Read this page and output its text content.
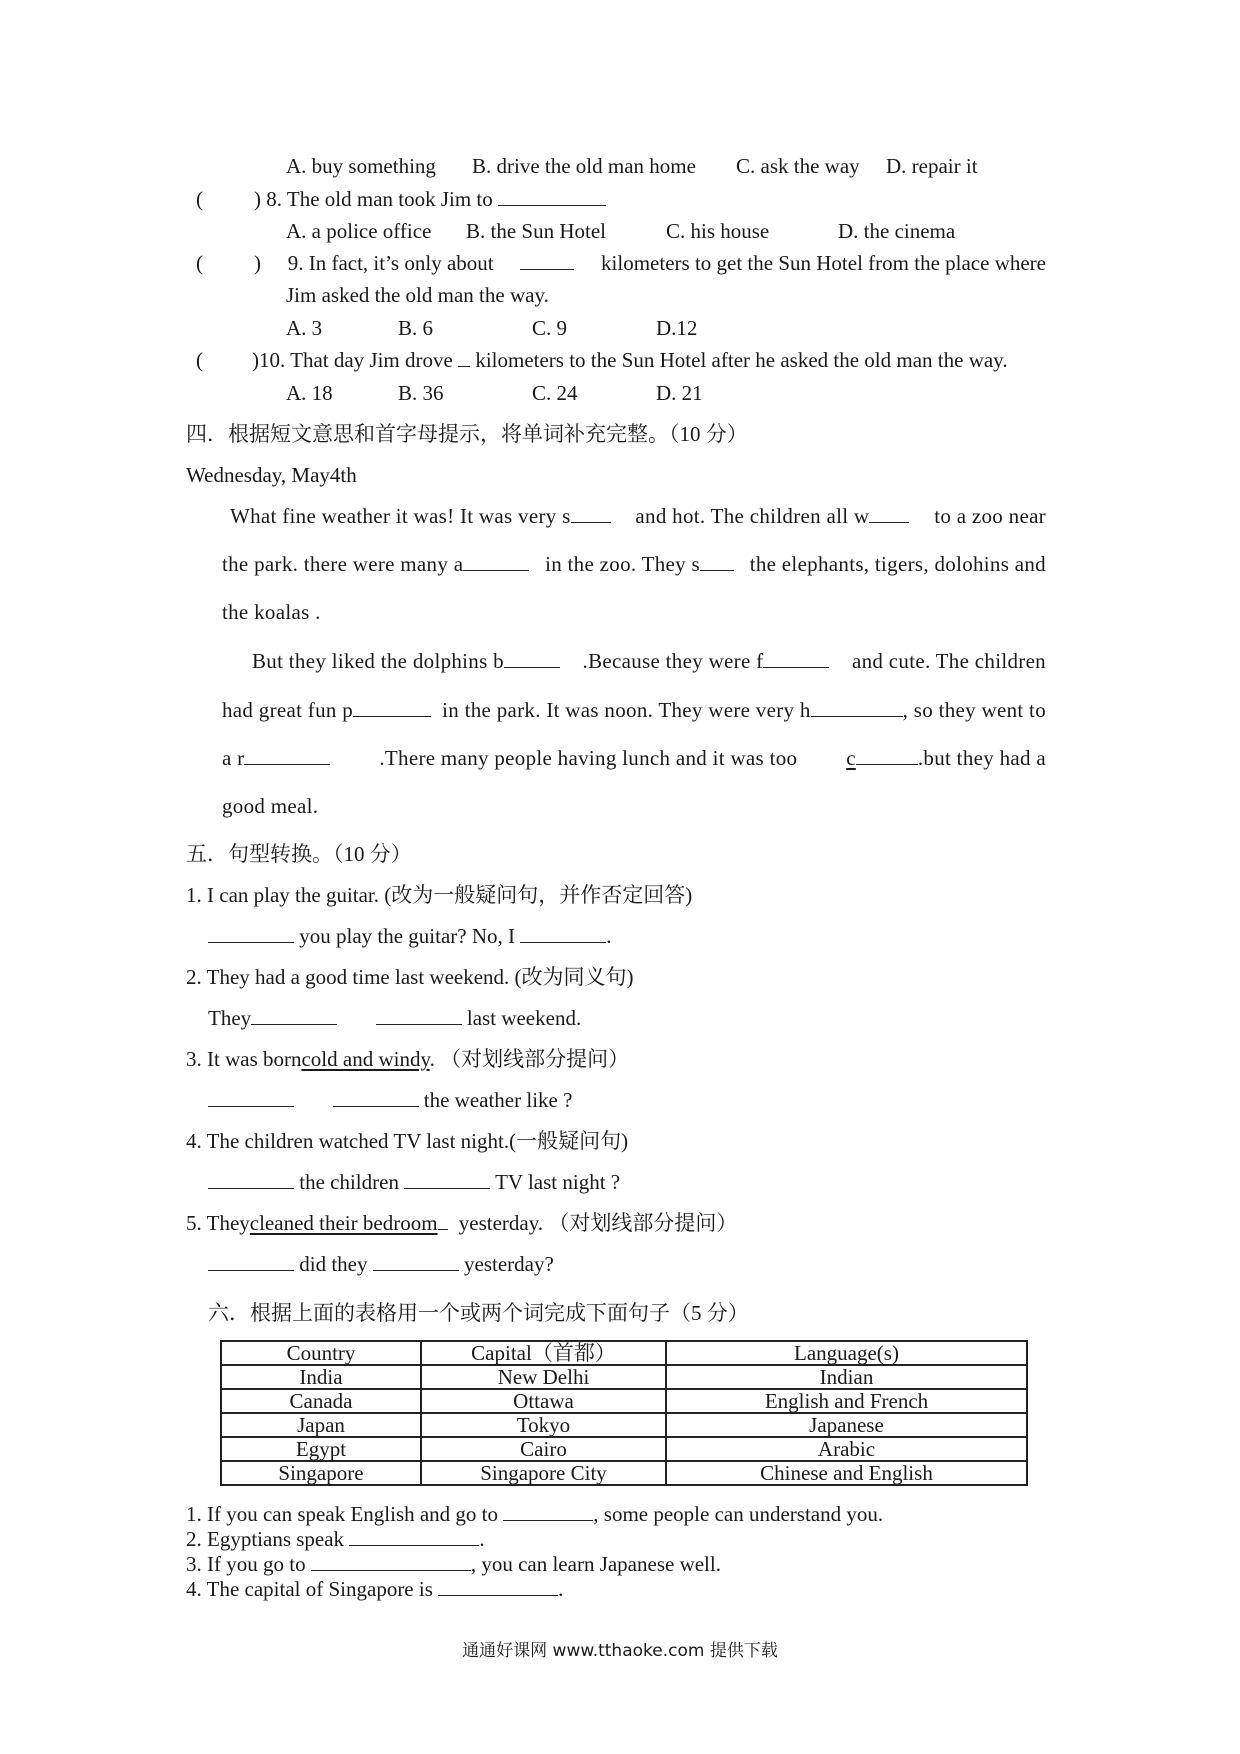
A. buy something B. drive the old man home C. ask the way D. repair it
( ) 8. The old man took Jim to
A. a police office B. the Sun Hotel	C. his house	D. the cinema
( ) 9. In fact, it’s only about	kilometers to get the Sun Hotel from the place where
Jim asked the old man the way.
A. 3	B. 6	C. 9	D.12
( )10. That day Jim drove kilometers to the Sun Hotel after he asked the old man the way.
A. 18	B. 36	C. 24	D. 21
四．根据短文意思和首字母提示，将单词补充完整。（10 分）
Wednesday, May4th
What fine weather it was! It was very s	and hot. The children all w	to a zoo near
the park. there were many a	in the zoo. They s	the elephants, tigers, dolohins and
the koalas .
But they liked the dolphins b	.Because they were f	and cute. The children
had great fun p	in the park. It was noon. They were very h	, so they went to
a r	.There many people having lunch and it was too c	.but they had a
good meal.
五．句型转换。（10 分）
1. I can play the guitar. (改为一般疑问句，并作否定回答)
you play the guitar? No, I	.
2. They had a good time last weekend. (改为同义句)
They	last weekend.
3. It was borncold and windy. （对划线部分提问）
the weather like ?
4. The children watched TV last night.(一般疑问句)
the children	TV last night ?
5. Theycleaned their bedroom yesterday. （对划线部分提问）
did they	yesterday?
六．根据上面的表格用一个或两个词完成下面句子（5 分）
Country	Capital（首都）	Language(s)
India	New Delhi	Indian
Canada	Ottawa	English and French
Japan	Tokyo	Japanese
Egypt	Cairo	Arabic
Singapore	Singapore City	Chinese and English
1. If you can speak English and go to	, some people can understand you.
2. Egyptians speak	.
3. If you go to	, you can learn Japanese well.
4. The capital of Singapore is	.
通通好课网 www.tthaoke.com 提供下载
